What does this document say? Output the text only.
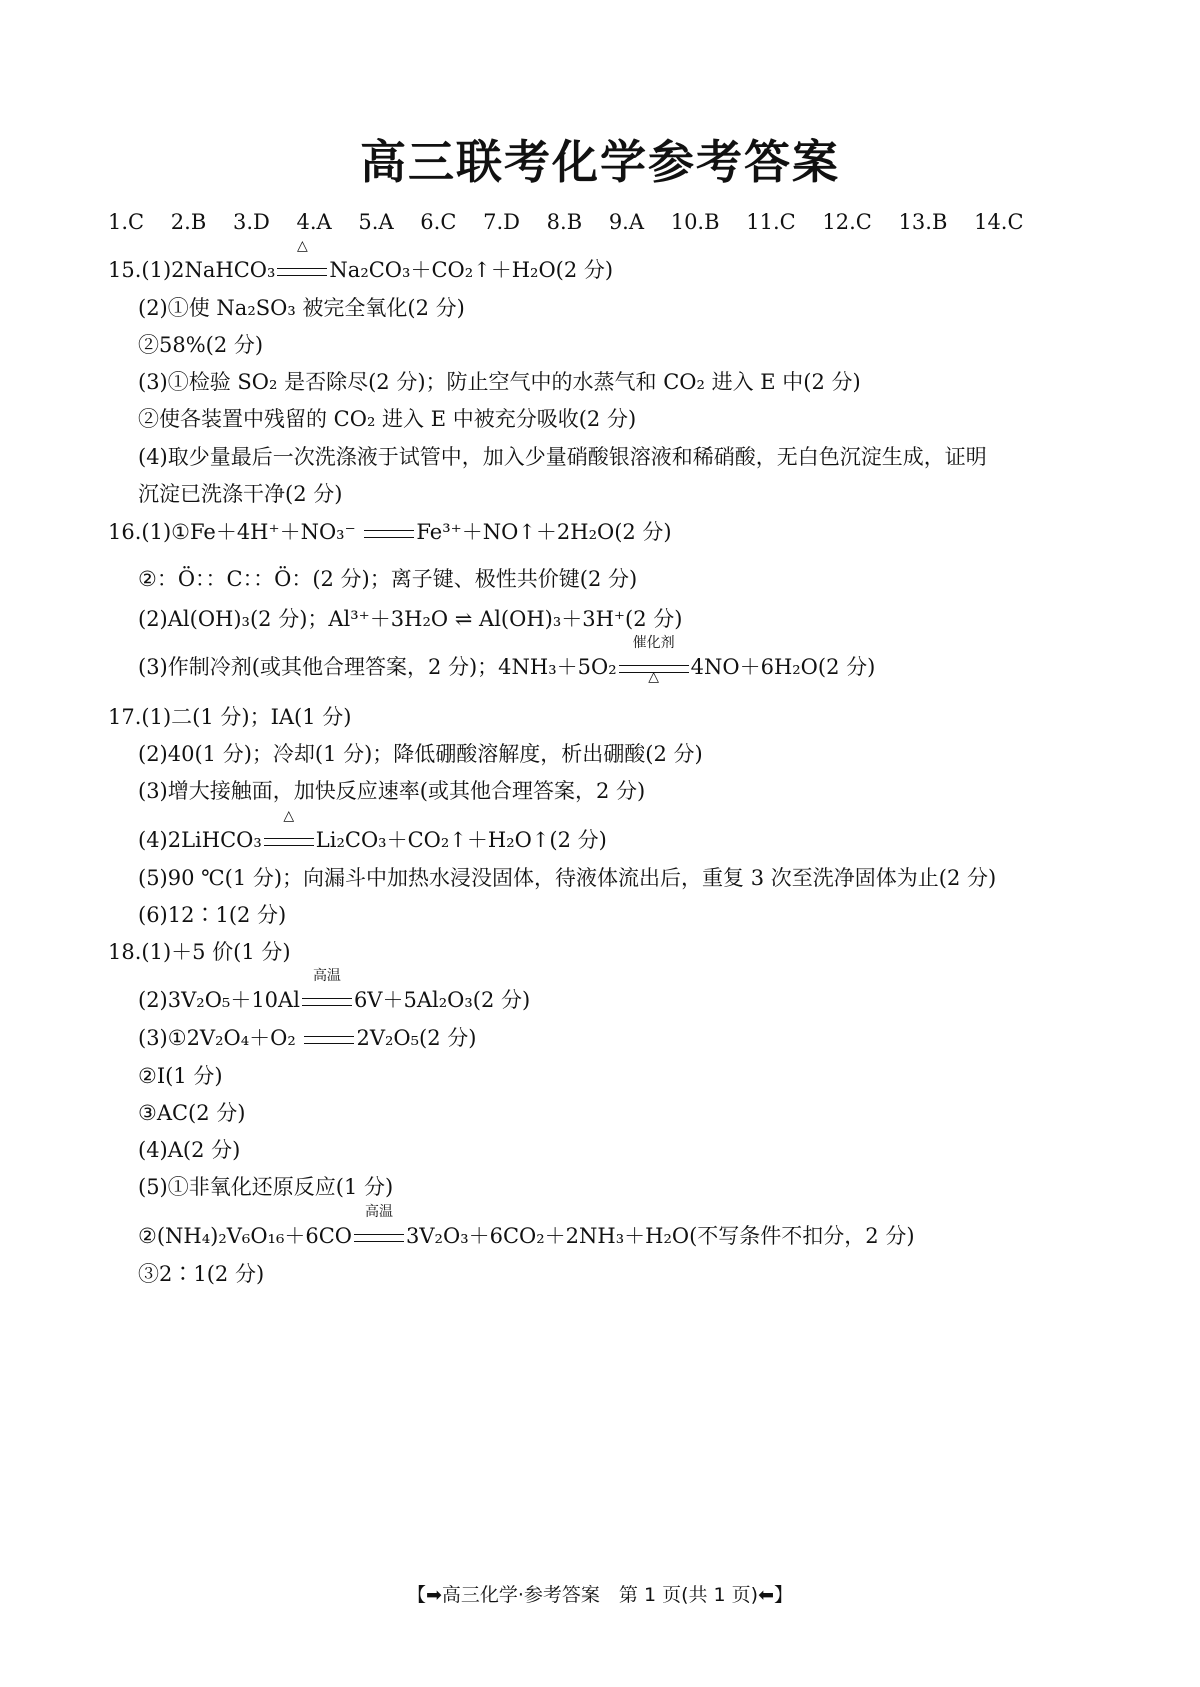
高三联考化学参考答案
1.C 2.B 3.D 4.A 5.A 6.C 7.D 8.B 9.A 10.B 11.C 12.C 13.B 14.C
15.(1)2NaHCO₃
△
Na₂CO₃＋CO₂↑＋H₂O(2 分)
(2)①使 Na₂SO₃ 被完全氧化(2 分)
②58%(2 分)
(3)①检验 SO₂ 是否除尽(2 分)；防止空气中的水蒸气和 CO₂ 进入 E 中(2 分)
②使各装置中残留的 CO₂ 进入 E 中被充分吸收(2 分)
(4)取少量最后一次洗涤液于试管中，加入少量硝酸银溶液和稀硝酸，无白色沉淀生成，证明
沉淀已洗涤干净(2 分)
16.(1)①Fe＋4H⁺＋NO₃⁻	Fe³⁺＋NO↑＋2H₂O(2 分)
②：Ö：：C：：Ö：(2 分)；离子键、极性共价键(2 分)
(2)Al(OH)₃(2 分)；Al³⁺＋3H₂O ⇌ Al(OH)₃＋3H⁺(2 分)
(3)作制冷剂(或其他合理答案，2 分)；4NH₃＋5O₂
催化剂
△	4NO＋6H₂O(2 分)
17.(1)二(1 分)；ⅠA(1 分)
(2)40(1 分)；冷却(1 分)；降低硼酸溶解度，析出硼酸(2 分)
(3)增大接触面，加快反应速率(或其他合理答案，2 分)
(4)2LiHCO₃
△
Li₂CO₃＋CO₂↑＋H₂O↑(2 分)
(5)90 ℃(1 分)；向漏斗中加热水浸没固体，待液体流出后，重复 3 次至洗净固体为止(2 分)
(6)12∶1(2 分)
18.(1)＋5 价(1 分)
(2)3V₂O₅＋10Al
高温
6V＋5Al₂O₃(2 分)
(3)①2V₂O₄＋O₂	2V₂O₅(2 分)
②Ⅰ(1 分)
③AC(2 分)
(4)A(2 分)
(5)①非氧化还原反应(1 分)
②(NH₄)₂V₆O₁₆＋6CO
高温
3V₂O₃＋6CO₂＋2NH₃＋H₂O(不写条件不扣分，2 分)
③2∶1(2 分)
【➡高三化学·参考答案　第 1 页(共 1 页)⬅】
